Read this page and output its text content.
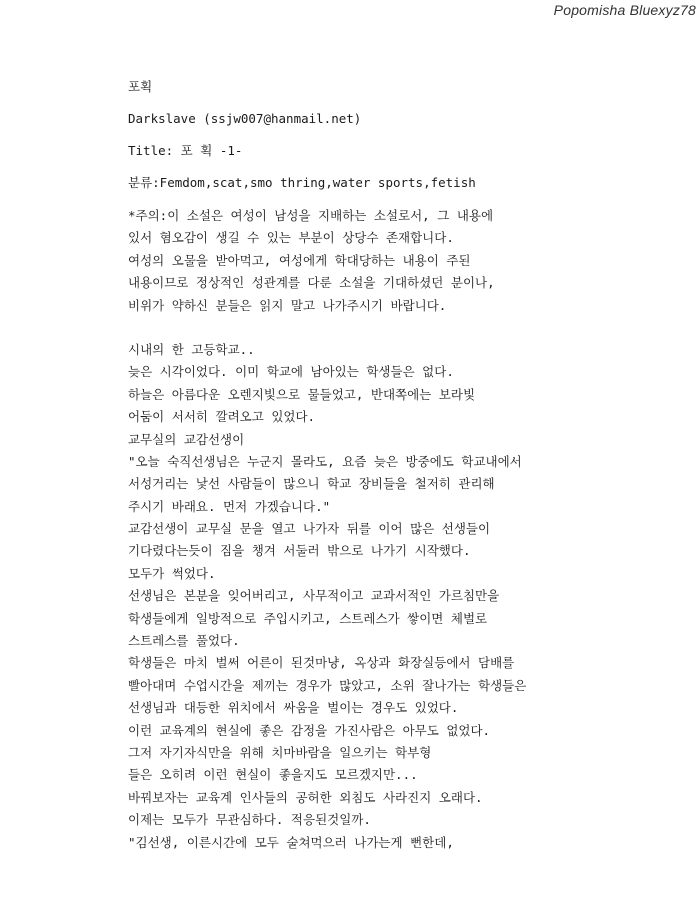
Popomisha Bluexyz78
포획
Darkslave (ssjw007@hanmail.net)
Title: 포 획 -1-
분류:Femdom,scat,smo thring,water sports,fetish
*주의:이 소설은 여성이 남성을 지배하는 소설로서, 그 내용에
있서 혐오감이 생길 수 있는 부분이 상당수 존재합니다.
여성의 오물을 받아먹고, 여성에게 학대당하는 내용이 주된
내용이므로 정상적인 성관계를 다룬 소설을 기대하셨던 분이나,
비위가 약하신 분들은 읽지 말고 나가주시기 바랍니다.
시내의 한 고등학교..
늦은 시각이었다. 이미 학교에 남아있는 학생들은 없다.
하늘은 아름다운 오렌지빛으로 물들었고, 반대쪽에는 보라빛
어둠이 서서히 깔려오고 있었다.
교무실의 교감선생이
"오늘 숙직선생님은 누군지 몰라도, 요즘 늦은 방중에도 학교내에서
서성거리는 낯선 사람들이 많으니 학교 장비들을 철저히 관리해
주시기 바래요. 먼저 가겠습니다."
교감선생이 교무실 문을 열고 나가자 뒤를 이어 많은 선생들이
기다렸다는듯이 짐을 챙겨 서둘러 밖으로 나가기 시작했다.
모두가 썩었다.
선생님은 본분을 잊어버리고, 사무적이고 교과서적인 가르침만을
학생들에게 일방적으로 주입시키고, 스트레스가 쌓이면 체벌로
스트레스를 풀었다.
학생들은 마치 벌써 어른이 된것마냥, 옥상과 화장실등에서 담배를
빨아대며 수업시간을 제끼는 경우가 많았고, 소위 잘나가는 학생들은
선생님과 대등한 위치에서 싸움을 벌이는 경우도 있었다.
이런 교육계의 현실에 좋은 감정을 가진사람은 아무도 없었다.
그저 자기자식만을 위해 치마바람을 일으키는 학부형
들은 오히려 이런 현실이 좋을지도 모르겠지만...
바꿔보자는 교육계 인사들의 공허한 외침도 사라진지 오래다.
이제는 모두가 무관심하다. 적응된것일까.
"김선생, 이른시간에 모두 술쳐먹으러 나가는게 뻔한데,
